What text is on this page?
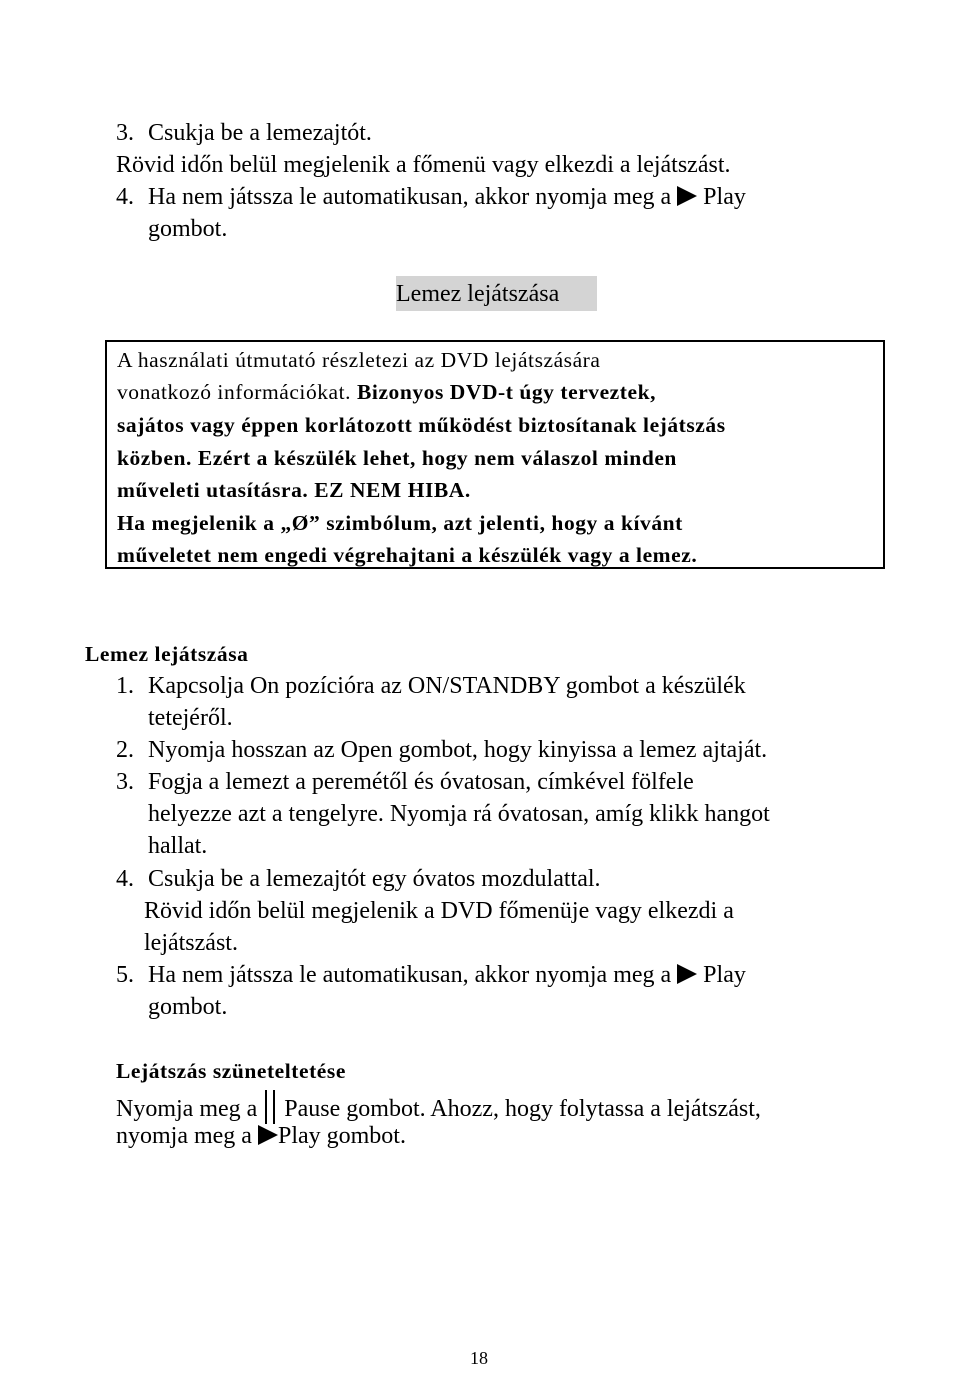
3. Csukja be a lemezajtót.
Rövid időn belül megjelenik a főmenü vagy elkezdi a lejátszást.
4. Ha nem játssza le automatikusan, akkor nyomja meg a Play
gombot.
Lemez lejátszása
A használati útmutató részletezi az DVD lejátszására
vonatkozó információkat. Bizonyos DVD-t úgy terveztek,
sajátos vagy éppen korlátozott működést biztosítanak lejátszás
közben. Ezért a készülék lehet, hogy nem válaszol minden
műveleti utasításra. EZ NEM HIBA.
Ha megjelenik a „Ø” szimbólum, azt jelenti, hogy a kívánt
műveletet nem engedi végrehajtani a készülék vagy a lemez.
Lemez lejátszása
1. Kapcsolja On pozícióra az ON/STANDBY gombot a készülék
tetejéről.
2. Nyomja hosszan az Open gombot, hogy kinyissa a lemez ajtaját.
3. Fogja a lemezt a peremétől és óvatosan, címkével fölfele
helyezze azt a tengelyre. Nyomja rá óvatosan, amíg klikk hangot
hallat.
4. Csukja be a lemezajtót egy óvatos mozdulattal.
Rövid időn belül megjelenik a DVD főmenüje vagy elkezdi a
lejátszást.
5. Ha nem játssza le automatikusan, akkor nyomja meg a Play
gombot.
Lejátszás szüneteltetése
Nyomja meg a Pause gombot. Ahozz, hogy folytassa a lejátszást,
nyomja meg a Play gombot.
18
